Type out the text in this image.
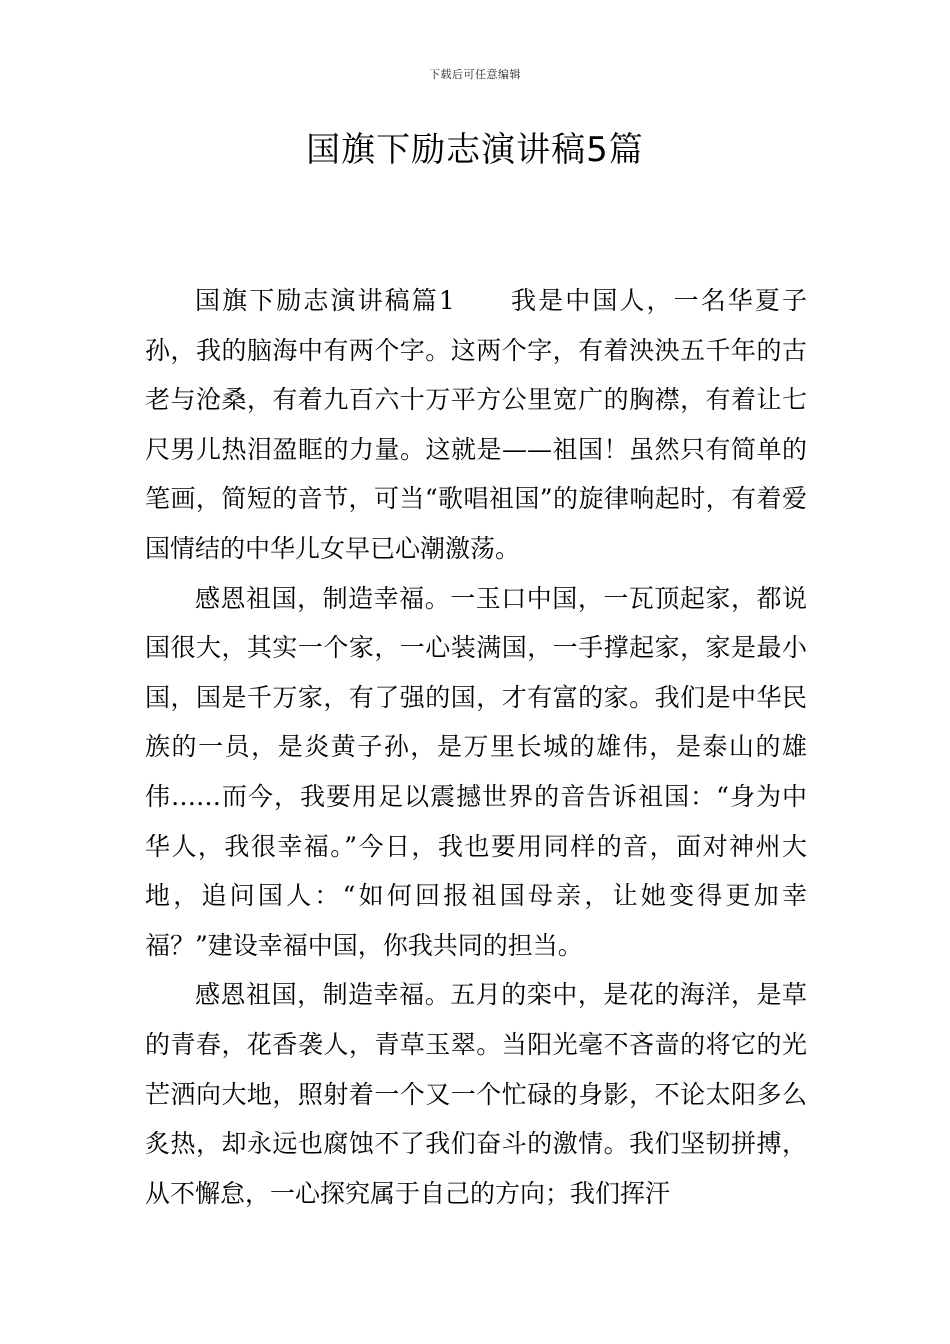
下载后可任意编辑
国旗下励志演讲稿5篇

国旗下励志演讲稿篇1　　我是中国人，一名华夏子孙，我的脑海中有两个字。这两个字，有着泱泱五千年的古老与沧桑，有着九百六十万平方公里宽广的胸襟，有着让七尺男儿热泪盈眶的力量。这就是——祖国！虽然只有简单的笔画，简短的音节，可当“歌唱祖国”的旋律响起时，有着爱国情结的中华儿女早已心潮激荡。

感恩祖国，制造幸福。一玉口中国，一瓦顶起家，都说国很大，其实一个家，一心装满国，一手撑起家，家是最小国，国是千万家，有了强的国，才有富的家。我们是中华民族的一员，是炎黄子孙，是万里长城的雄伟，是泰山的雄伟……而今，我要用足以震撼世界的音告诉祖国：“身为中华人，我很幸福。”今日，我也要用同样的音，面对神州大地，追问国人：“如何回报祖国母亲，让她变得更加幸福？”建设幸福中国，你我共同的担当。

感恩祖国，制造幸福。五月的栾中，是花的海洋，是草的青春，花香袭人，青草玉翠。当阳光毫不吝啬的将它的光芒洒向大地，照射着一个又一个忙碌的身影，不论太阳多么炙热，却永远也腐蚀不了我们奋斗的激情。我们坚韧拼搏，从不懈怠，一心探究属于自己的方向；我们挥汗
